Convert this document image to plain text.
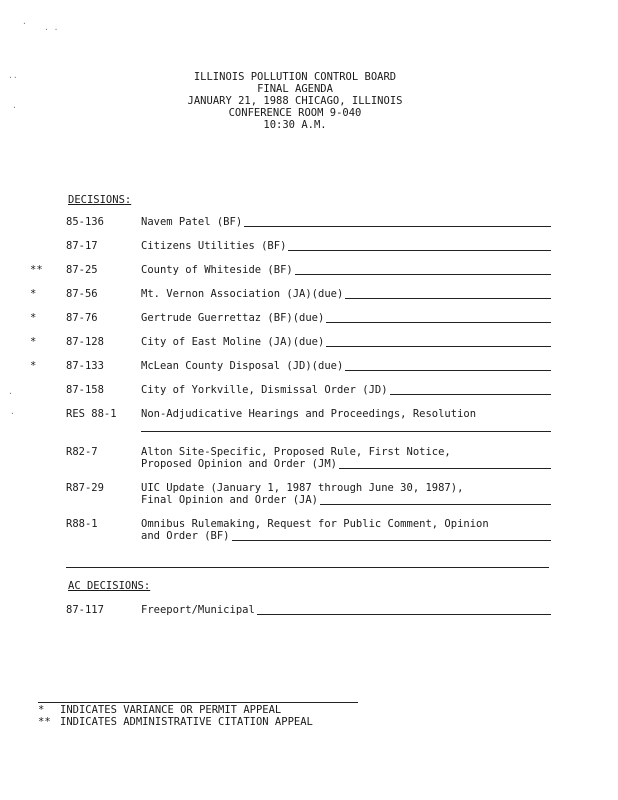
·
· ·
··
·
·
·
ILLINOIS POLLUTION CONTROL BOARD
FINAL AGENDA
JANUARY 21, 1988 CHICAGO, ILLINOIS
CONFERENCE ROOM 9-040
10:30 A.M.
DECISIONS:
85-136	Navem Patel (BF)
87-17	Citizens Utilities (BF)
**	87-25	County of Whiteside (BF)
*	87-56	Mt. Vernon Association (JA)(due)
*	87-76	Gertrude Guerrettaz (BF)(due)
*	87-128	City of East Moline (JA)(due)
*	87-133	McLean County Disposal (JD)(due)
87-158	City of Yorkville, Dismissal Order (JD)
RES 88-1	Non-Adjudicative Hearings and Proceedings, Resolution
R82-7	Alton Site-Specific, Proposed Rule, First Notice,
Proposed Opinion and Order (JM)
R87-29	UIC Update (January 1, 1987 through June 30, 1987),
Final Opinion and Order (JA)
R88-1	Omnibus Rulemaking, Request for Public Comment, Opinion
and Order (BF)
AC DECISIONS:
87-117	Freeport/Municipal
* INDICATES VARIANCE OR PERMIT APPEAL
** INDICATES ADMINISTRATIVE CITATION APPEAL
